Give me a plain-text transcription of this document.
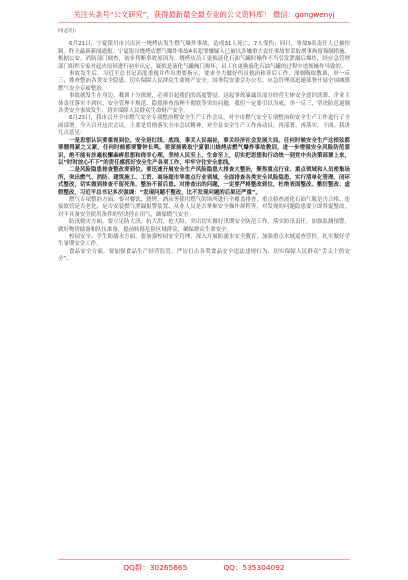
关注头条号“公文研究”，获得最新最全最专业的公文资料库！ 微信：gongwenyj

同志们：

6月21日，宁夏银川市兴庆区一烧烤店发生燃气爆炸事故，造成31人死亡、7人受伤；同日，事故9名责任人已被控制。昨天最新新闻通报，宁夏银川烧烤店燃气爆炸事故4名犯罪嫌疑人已被以涉嫌重大责任事故罪采取刑事拘留强制措施。根据公安、消防部门调查，初步判断事故原因为：烧烤店员工更换液化石油气罐时操作不当引发泄漏后爆炸，经应急管理部门组织专家对起火原因进行初步认定，疑似是液化气罐阀门损坏，员工在更换液化石油气罐的过程中违规操作导致的。

事故发生后，习近平总书记高度重视并作出重要指示，要求全力做好伤员救治和善后工作，深刻吸取教训，举一反三，排查整治各类安全隐患，切实保障人民群众生命财产安全。国务院安委会办公室、应急管理部迅速部署开展全国城镇燃气安全专项整治。

事故就发生在身边，教训十分深刻，必须引起我们的高度警觉。这起事故暴露出部分经营主体安全意识淡薄、企业主体责任落实不到位、安全管理不规范、隐患排查治理不彻底等突出问题，我们一定要引以为戒，举一反三，坚决防范遏制各类安全事故发生，切实保障人民群众生命财产安全。

6月23日，我市召开全市燃气安全专项整治暨安全生产工作会议，对全市燃气安全专项整治和安全生产工作进行了全面部署。今天召开这次会议，主要是贯彻落实全市会议精神，对全县安全生产工作再动员、再部署、再落实。下面，我讲几点意见：

一是思想认识要重视到位。安全是红线、底线，事关人民福祉，事关经济社会发展大局。任何时候安全生产这根弦都要绷得紧之又紧，任何时候都要警钟长鸣。要深刻吸取宁夏银川烧烤店燃气爆炸事故教训，进一步增强安全风险防范意识，绝不能有丝毫松懈麻痹思想和侥幸心理，坚持人民至上、生命至上，切实把思想和行动统一到党中央决策部署上来，以“时时放心不下”的责任感抓好安全生产各项工作，牢牢守住安全底线。

二是风险隐患排查整改要到位。要迅速开展安全生产风险隐患大排查大整治，聚焦重点行业、重点领域和人员密集场所，突出燃气、消防、建筑施工、工贸、商场超市等重点行业领域，全面排查各类安全风险隐患，实行清单化管理、闭环式整改，切实做到排查不留死角、整治不留后患。对排查出的问题，一定要严格整改到位，杜绝表面整改、敷衍整改、虚假整改，习近平总书记多次强调：“发现问题不整改，比不发现问题的后果还严重”。

燃气专项整治方面。要对餐饮、烧烤、酒店等使用燃气的场所进行全覆盖排查，重点检查液化石油气瓶是否合格、连接软管是否老化、是否安装燃气泄漏报警装置、从业人员是否掌握安全操作规程等，对发现的问题隐患要立即督促整改，对不具备安全使用条件的坚决停止用气，确保燃气安全。

防汛救灾方面。要立足防大汛、抗大洪、抢大险，突出切实做好汛期安全防范工作，落实防汛责任，加强监测预警，做好物资储备和队伍准备，提前转移危险区域群众，确保群众生命安全。

校园安全、学生防溺水方面。要加强校园安全管理，深入开展防溺水安全教育，加强重点水域巡查管控，扎实做好学生暑期安全工作。

食品安全方面。要加强食品生产经营监管，严厉打击各类食品安全违法违规行为，切实保障人民群众“舌尖上的安全”。

QQ群：30265665	QQ：535304092
